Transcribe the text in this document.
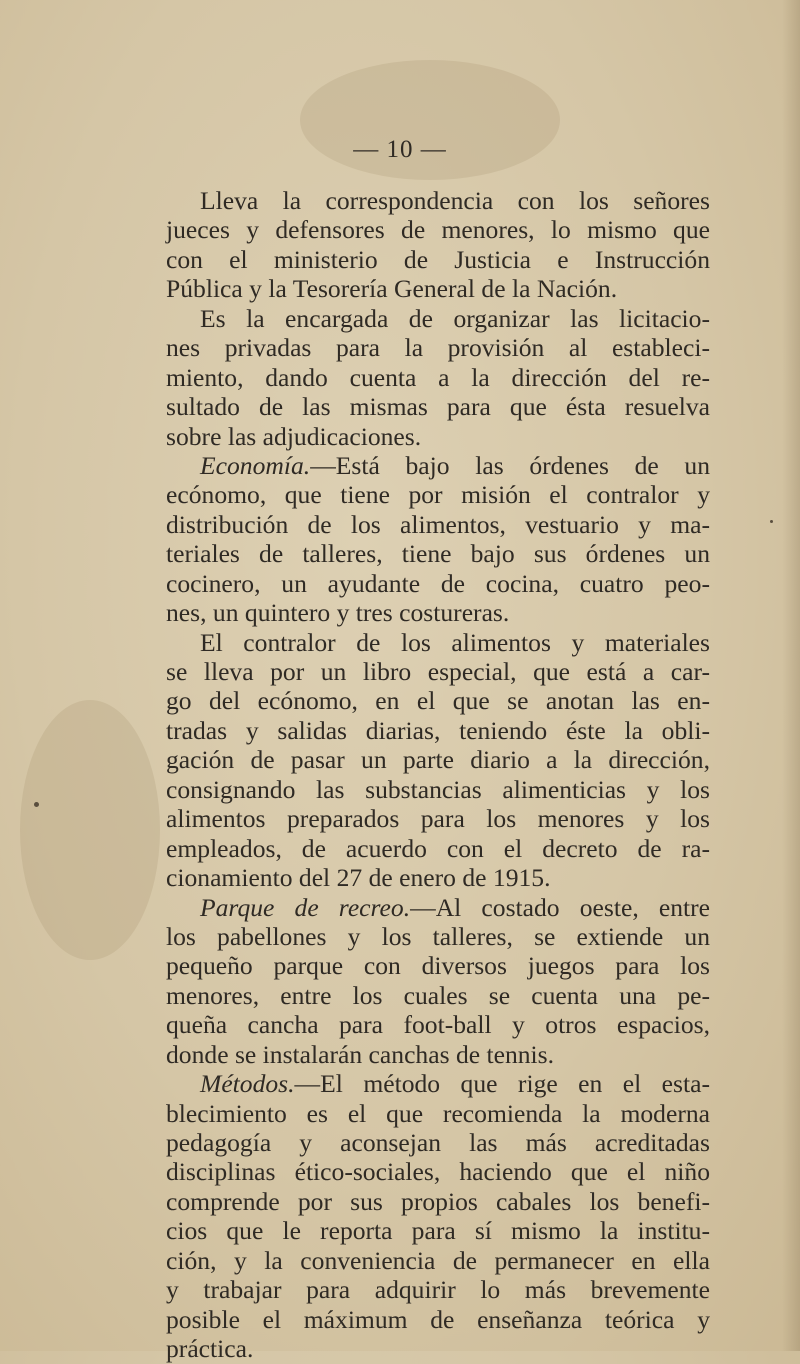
— 10 —
Lleva la correspondencia con los señores
jueces y defensores de menores, lo mismo que
con el ministerio de Justicia e Instrucción
Pública y la Tesorería General de la Nación.
Es la encargada de organizar las licitacio-
nes privadas para la provisión al estableci-
miento, dando cuenta a la dirección del re-
sultado de las mismas para que ésta resuelva
sobre las adjudicaciones.
Economía.—Está bajo las órdenes de un
ecónomo, que tiene por misión el contralor y
distribución de los alimentos, vestuario y ma-
teriales de talleres, tiene bajo sus órdenes un
cocinero, un ayudante de cocina, cuatro peo-
nes, un quintero y tres costureras.
El contralor de los alimentos y materiales
se lleva por un libro especial, que está a car-
go del ecónomo, en el que se anotan las en-
tradas y salidas diarias, teniendo éste la obli-
gación de pasar un parte diario a la dirección,
consignando las substancias alimenticias y los
alimentos preparados para los menores y los
empleados, de acuerdo con el decreto de ra-
cionamiento del 27 de enero de 1915.
Parque de recreo.—Al costado oeste, entre
los pabellones y los talleres, se extiende un
pequeño parque con diversos juegos para los
menores, entre los cuales se cuenta una pe-
queña cancha para foot-ball y otros espacios,
donde se instalarán canchas de tennis.
Métodos.—El método que rige en el esta-
blecimiento es el que recomienda la moderna
pedagogía y aconsejan las más acreditadas
disciplinas ético-sociales, haciendo que el niño
comprende por sus propios cabales los benefi-
cios que le reporta para sí mismo la institu-
ción, y la conveniencia de permanecer en ella
y trabajar para adquirir lo más brevemente
posible el máximum de enseñanza teórica y
práctica.
